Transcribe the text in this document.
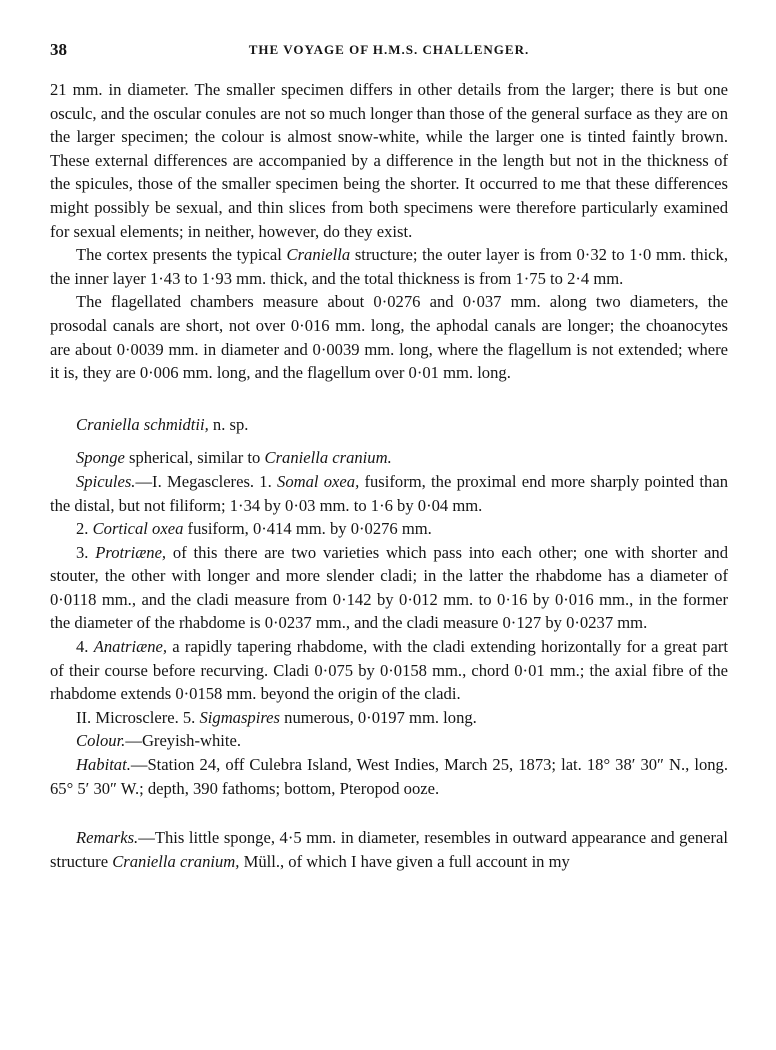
38	THE VOYAGE OF H.M.S. CHALLENGER.

21 mm. in diameter. The smaller specimen differs in other details from the larger; there is but one osculc, and the oscular conules are not so much longer than those of the general surface as they are on the larger specimen; the colour is almost snow-white, while the larger one is tinted faintly brown. These external differences are accompanied by a difference in the length but not in the thickness of the spicules, those of the smaller specimen being the shorter. It occurred to me that these differences might possibly be sexual, and thin slices from both specimens were therefore particularly examined for sexual elements; in neither, however, do they exist.

The cortex presents the typical Craniella structure; the outer layer is from 0·32 to 1·0 mm. thick, the inner layer 1·43 to 1·93 mm. thick, and the total thickness is from 1·75 to 2·4 mm.

The flagellated chambers measure about 0·0276 and 0·037 mm. along two diameters, the prosodal canals are short, not over 0·016 mm. long, the aphodal canals are longer; the choanocytes are about 0·0039 mm. in diameter and 0·0039 mm. long, where the flagellum is not extended; where it is, they are 0·006 mm. long, and the flagellum over 0·01 mm. long.

Craniella schmidtii, n. sp.

Sponge spherical, similar to Craniella cranium.

Spicules.—I. Megascleres. 1. Somal oxea, fusiform, the proximal end more sharply pointed than the distal, but not filiform; 1·34 by 0·03 mm. to 1·6 by 0·04 mm.

2. Cortical oxea fusiform, 0·414 mm. by 0·0276 mm.

3. Protriæne, of this there are two varieties which pass into each other; one with shorter and stouter, the other with longer and more slender cladi; in the latter the rhabdome has a diameter of 0·0118 mm., and the cladi measure from 0·142 by 0·012 mm. to 0·16 by 0·016 mm., in the former the diameter of the rhabdome is 0·0237 mm., and the cladi measure 0·127 by 0·0237 mm.

4. Anatriæne, a rapidly tapering rhabdome, with the cladi extending horizontally for a great part of their course before recurving. Cladi 0·075 by 0·0158 mm., chord 0·01 mm.; the axial fibre of the rhabdome extends 0·0158 mm. beyond the origin of the cladi.

II. Microsclere. 5. Sigmaspires numerous, 0·0197 mm. long.

Colour.—Greyish-white.

Habitat.—Station 24, off Culebra Island, West Indies, March 25, 1873; lat. 18° 38′ 30″ N., long. 65° 5′ 30″ W.; depth, 390 fathoms; bottom, Pteropod ooze.

Remarks.—This little sponge, 4·5 mm. in diameter, resembles in outward appearance and general structure Craniella cranium, Müll., of which I have given a full account in my
